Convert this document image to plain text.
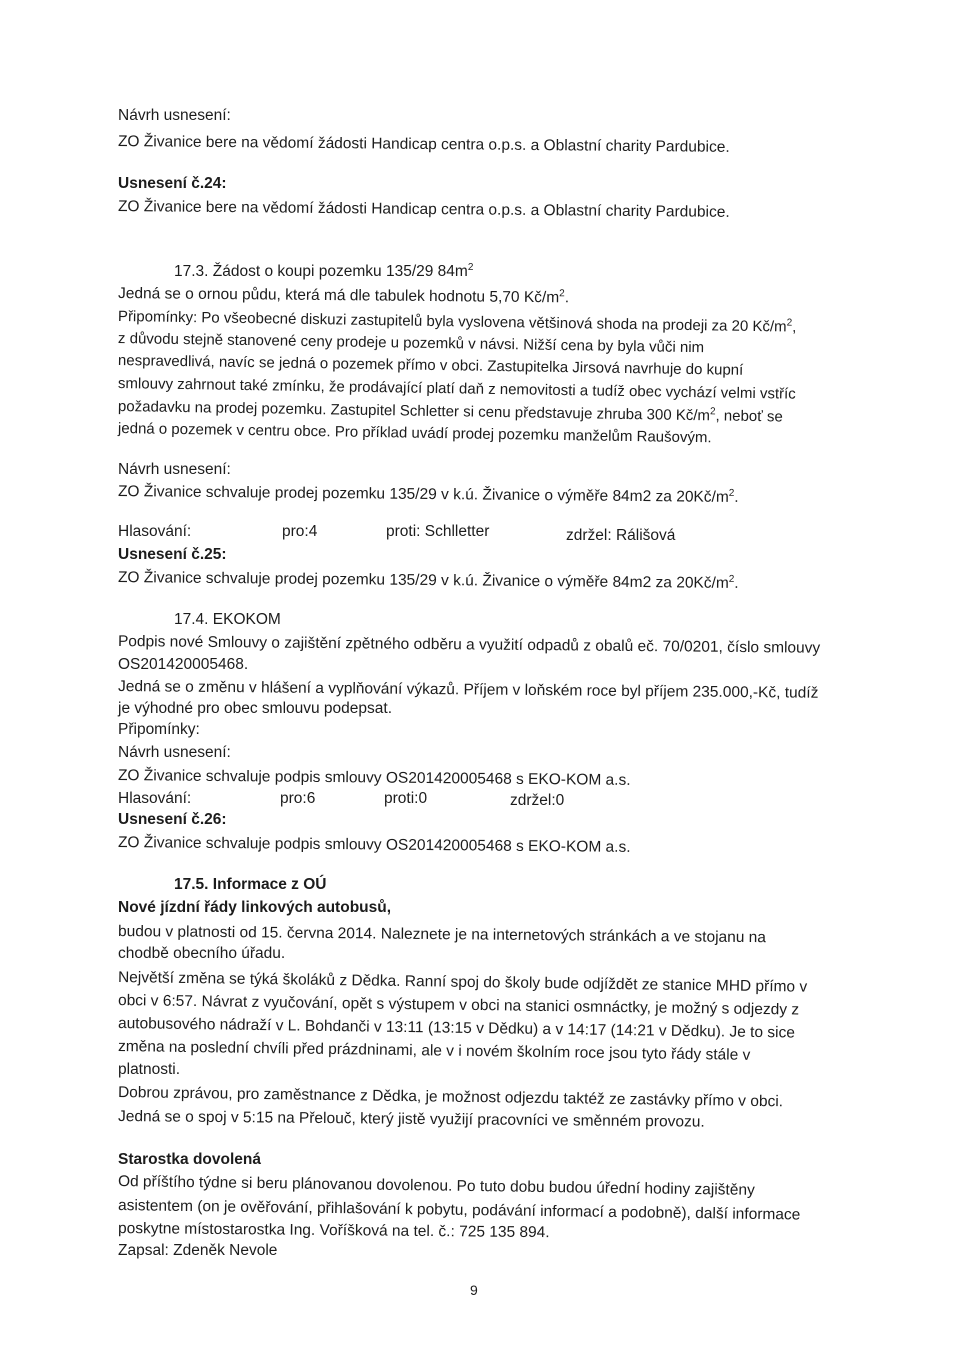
Návrh usnesení:
ZO Živanice bere na vědomí žádosti Handicap centra o.p.s. a Oblastní charity Pardubice.
Usnesení č.24:
ZO Živanice bere na vědomí žádosti Handicap centra o.p.s. a Oblastní charity Pardubice.
17.3. Žádost o koupi pozemku 135/29 $84m^2$
Jedná se o ornou půdu, která má dle tabulek hodnotu 5,70 $Kč/m^2$.
Připomínky: Po všeobecné diskuzi zastupitelů byla vyslovena většinová shoda na prodeji za 20 $Kč/m^2$,
z důvodu stejně stanovené ceny prodeje u pozemků v návsi. Nižší cena by byla vůči nim
nespravedlivá, navíc se jedná o pozemek přímo v obci. Zastupitelka Jirsová navrhuje do kupní
smlouvy zahrnout také zmínku, že prodávající platí daň z nemovitosti a tudíž obec vychází velmi vstříc
požadavku na prodej pozemku. Zastupitel Schletter si cenu představuje zhruba 300 $Kč/m^2$, neboť se
jedná o pozemek v centru obce. Pro příklad uvádí prodej pozemku manželům Raušovým.
Návrh usnesení:
ZO Živanice schvaluje prodej pozemku 135/29 v k.ú. Živanice o výměře 84m2 za $20Kč/m^2$.
Hlasování:	pro:4	proti: Schlletter	zdržel: Rálišová
Usnesení č.25:
ZO Živanice schvaluje prodej pozemku 135/29 v k.ú. Živanice o výměře 84m2 za $20Kč/m^2$.
17.4. EKOKOM
Podpis nové Smlouvy o zajištění zpětného odběru a využití odpadů z obalů eč. 70/0201, číslo smlouvy
OS201420005468.
Jedná se o změnu v hlášení a vyplňování výkazů. Příjem v loňském roce byl příjem 235.000,-Kč, tudíž
je výhodné pro obec smlouvu podepsat.
Připomínky:
Návrh usnesení:
ZO Živanice schvaluje podpis smlouvy OS201420005468 s EKO-KOM a.s.
Hlasování:	pro:6	proti:0	zdržel:0
Usnesení č.26:
ZO Živanice schvaluje podpis smlouvy OS201420005468 s EKO-KOM a.s.
17.5. Informace z OÚ
Nové jízdní řády linkových autobusů,
budou v platnosti od 15. června 2014. Naleznete je na internetových stránkách a ve stojanu na
chodbě obecního úřadu.
Největší změna se týká školáků z Dědka. Ranní spoj do školy bude odjíždět ze stanice MHD přímo v
obci v 6:57. Návrat z vyučování, opět s výstupem v obci na stanici osmnáctky, je možný s odjezdy z
autobusového nádraží v L. Bohdanči v 13:11 (13:15 v Dědku) a v 14:17 (14:21 v Dědku). Je to sice
změna na poslední chvíli před prázdninami, ale v i novém školním roce jsou tyto řády stále v
platnosti.
Dobrou zprávou, pro zaměstnance z Dědka, je možnost odjezdu taktéž ze zastávky přímo v obci.
Jedná se o spoj v 5:15 na Přelouč, který jistě využijí pracovníci ve směnném provozu.
Starostka dovolená
Od příštího týdne si beru plánovanou dovolenou. Po tuto dobu budou úřední hodiny zajištěny
asistentem (on je ověřování, přihlašování k pobytu, podávání informací a podobně), další informace
poskytne místostarostka Ing. Voříšková na tel. č.: 725 135 894.
Zapsal: Zdeněk Nevole
9
